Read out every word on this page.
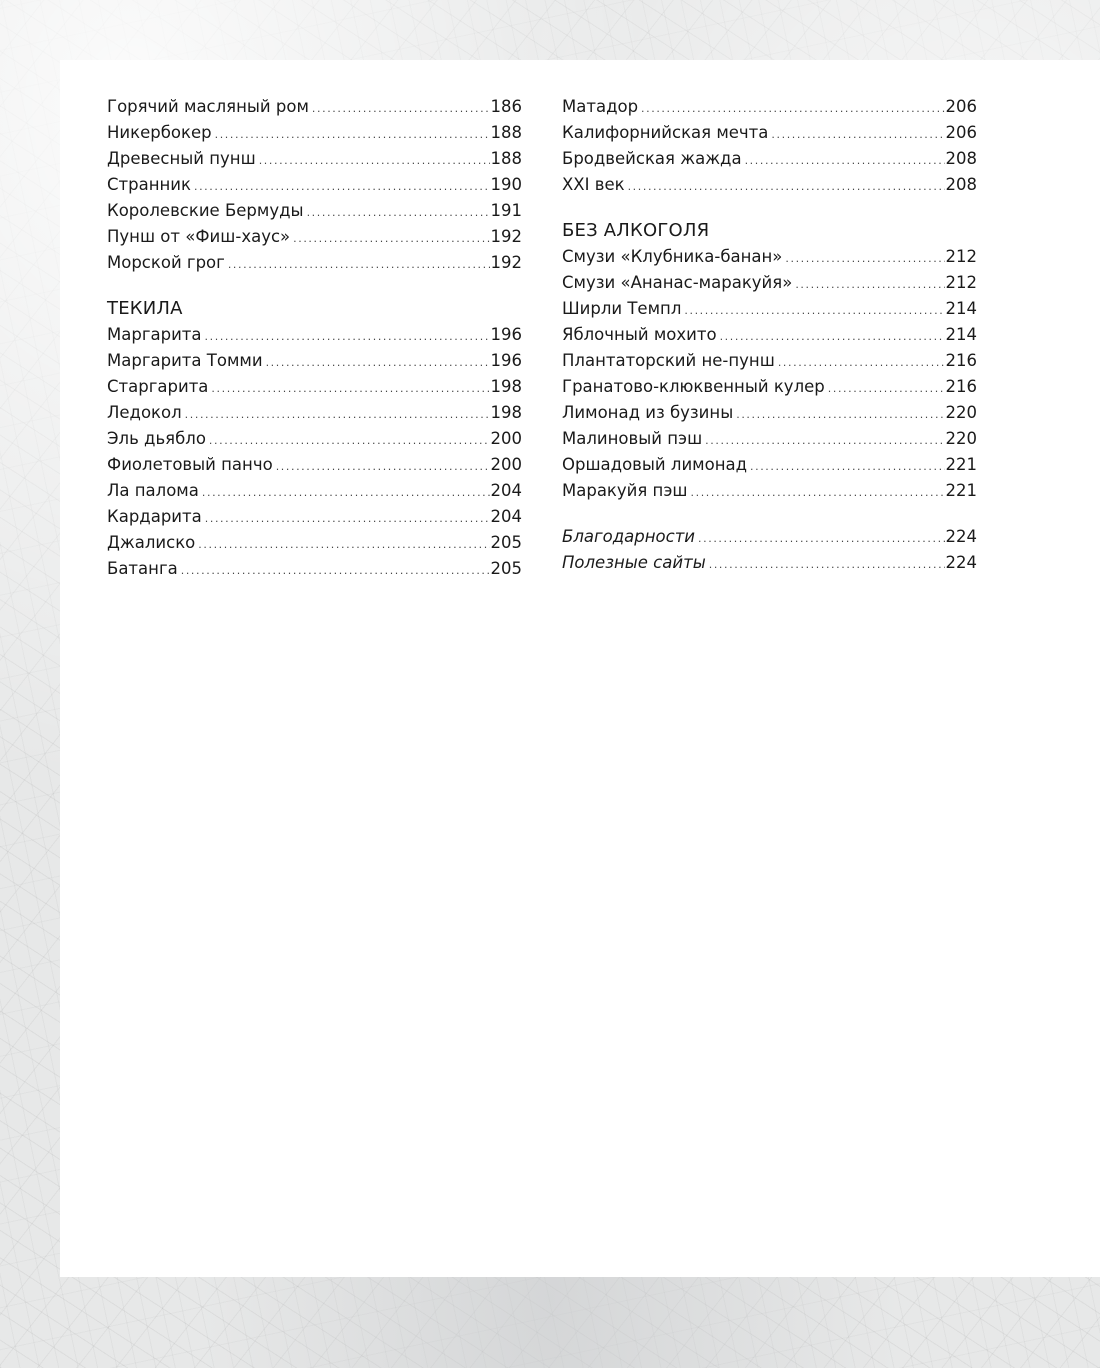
Горячий масляный ром .....	186
Никербокер .....	188
Древесный пунш .....	188
Странник .....	190
Королевские Бермуды .....	191
Пунш от «Фиш-хаус» .....	192
Морской грог .....	192
ТЕКИЛА
Маргарита .....	196
Маргарита Томми .....	196
Старгарита .....	198
Ледокол .....	198
Эль дьябло .....	200
Фиолетовый панчо .....	200
Ла палома .....	204
Кардарита .....	204
Джалиско .....	205
Батанга .....	205
Матадор .....	206
Калифорнийская мечта .....	206
Бродвейская жажда .....	208
XXI век .....	208
БЕЗ АЛКОГОЛЯ
Смузи «Клубника-банан» .....	212
Смузи «Ананас-маракуйя» .....	212
Ширли Темпл .....	214
Яблочный мохито .....	214
Плантаторский не-пунш .....	216
Гранатово-клюквенный кулер .....	216
Лимонад из бузины .....	220
Малиновый пэш .....	220
Оршадовый лимонад .....	221
Маракуйя пэш .....	221
Благодарности .....	224
Полезные сайты .....	224
